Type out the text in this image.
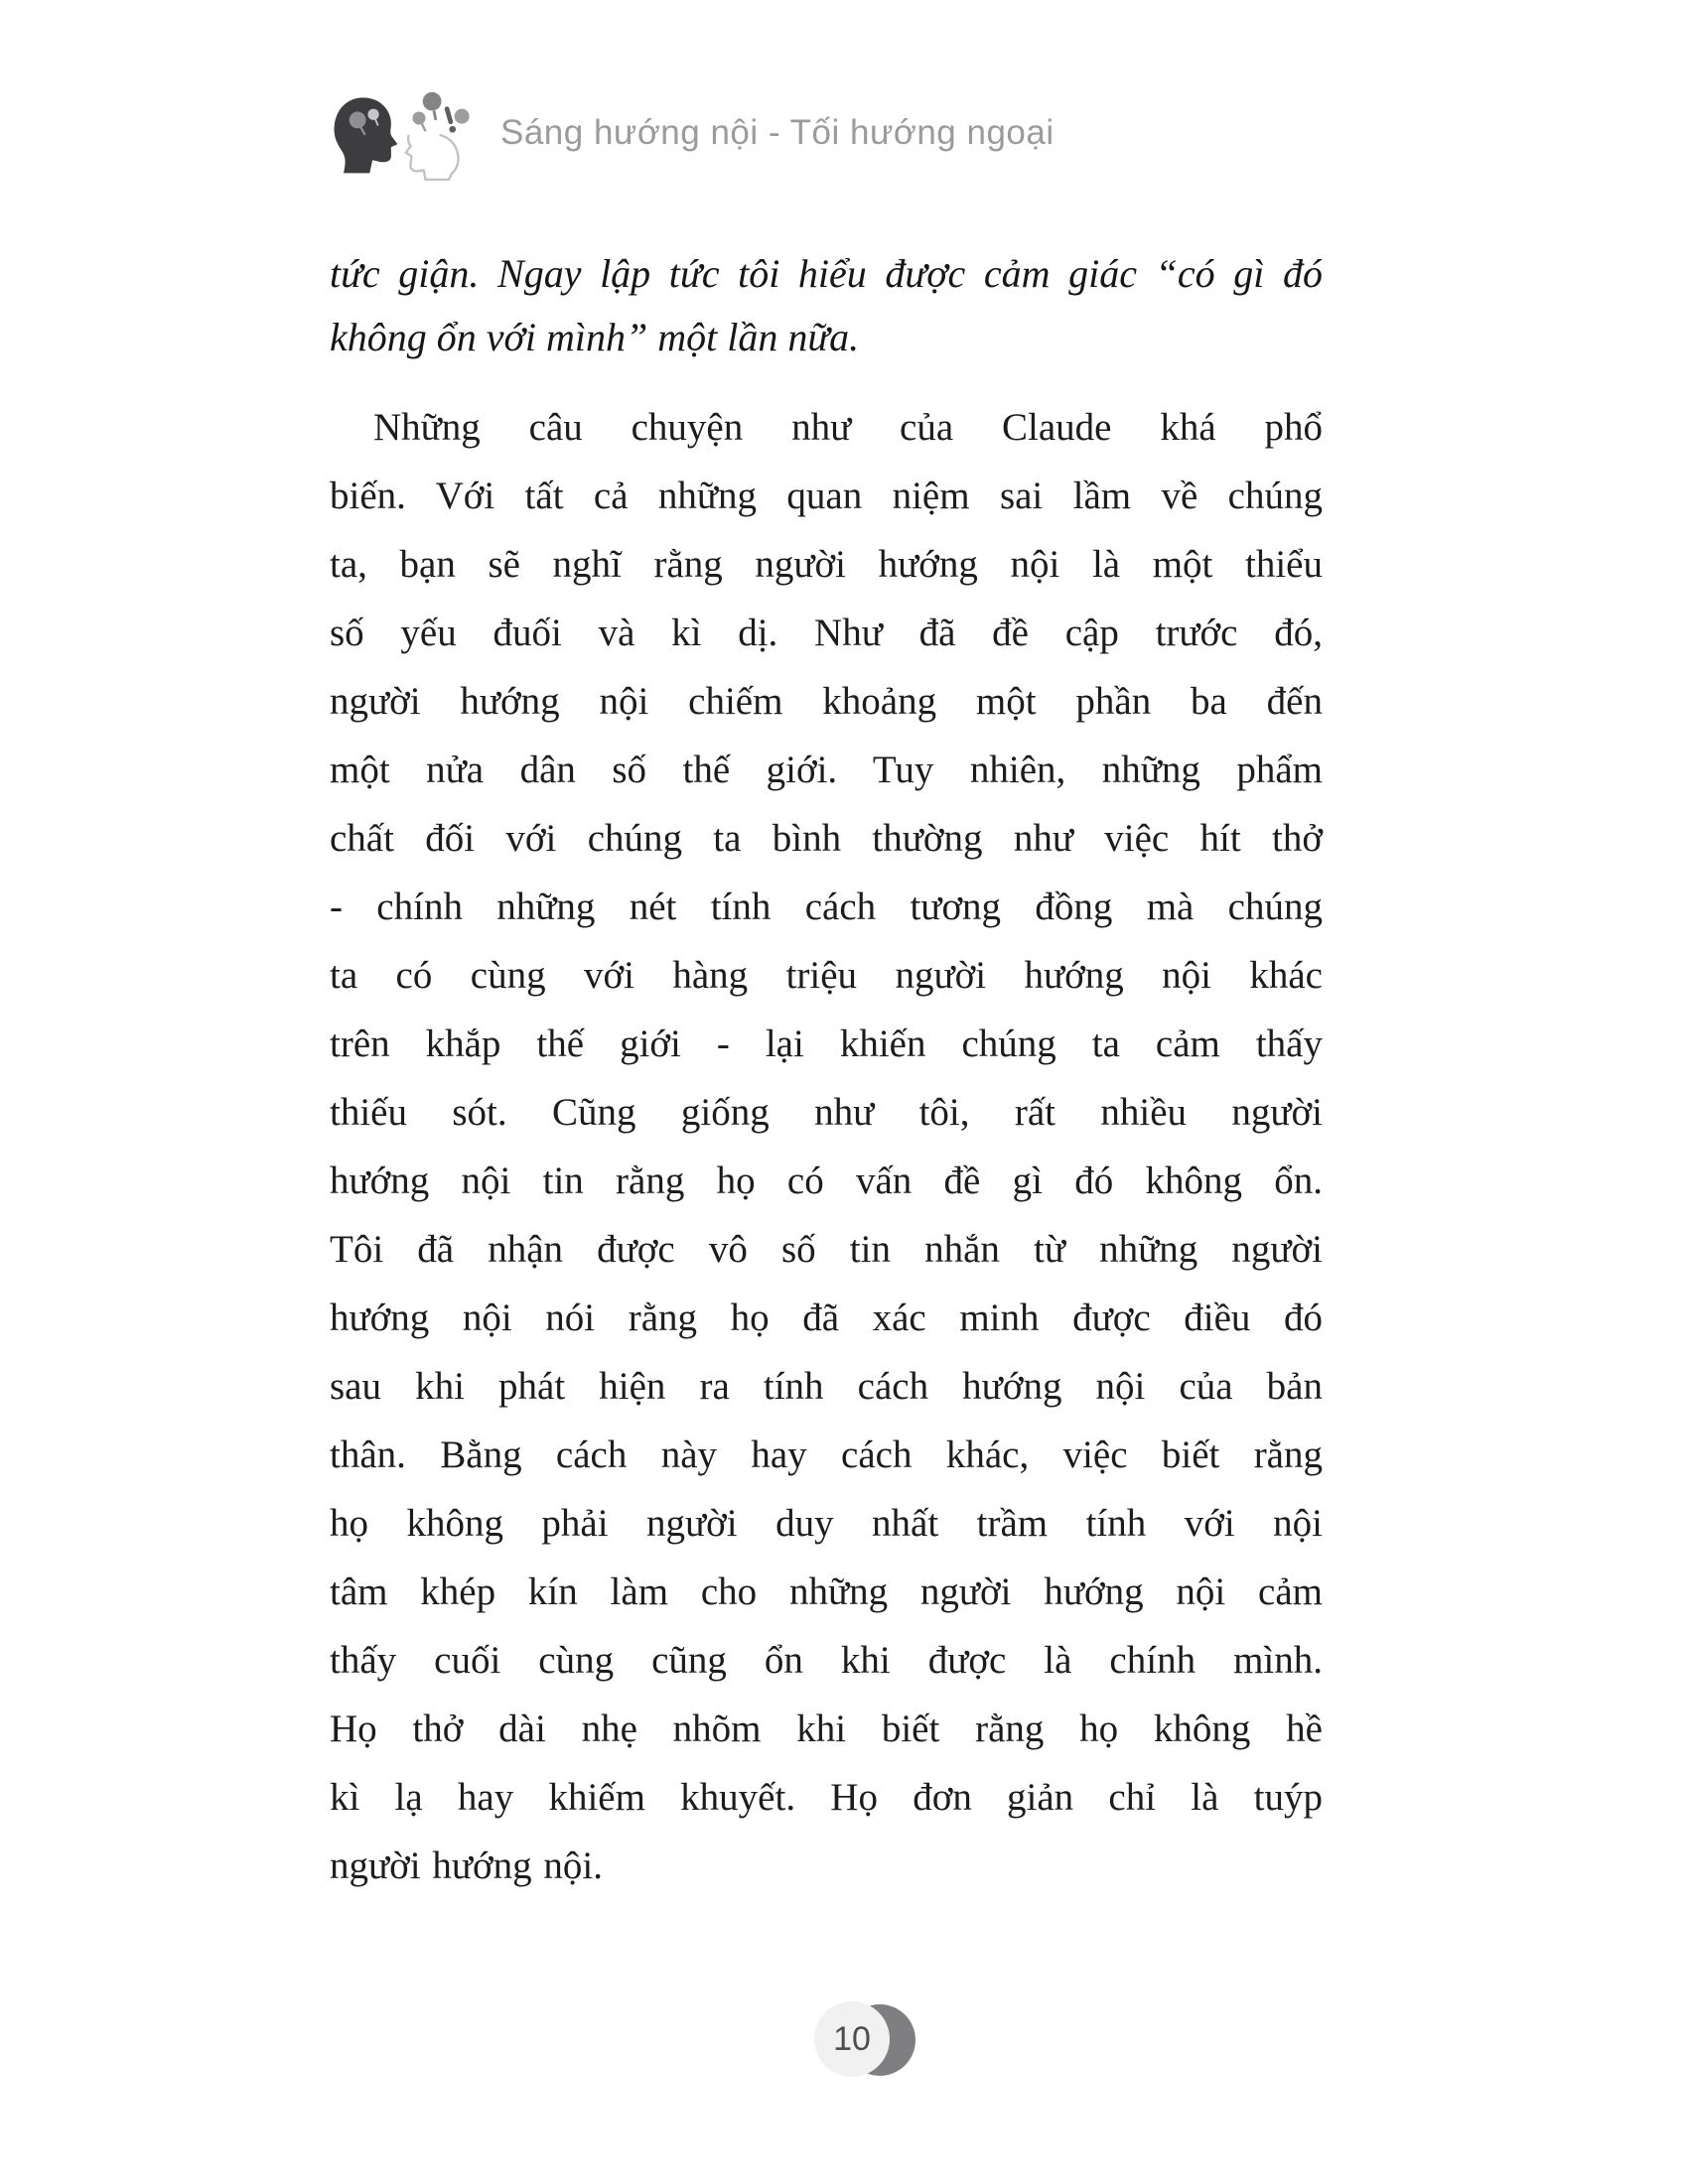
Sáng hướng nội - Tối hướng ngoại
tức giận. Ngay lập tức tôi hiểu được cảm giác “có gì đó
không ổn với mình” một lần nữa.
Những câu chuyện như của Claude khá phổ
biến. Với tất cả những quan niệm sai lầm về chúng
ta, bạn sẽ nghĩ rằng người hướng nội là một thiểu
số yếu đuối và kì dị. Như đã đề cập trước đó,
người hướng nội chiếm khoảng một phần ba đến
một nửa dân số thế giới. Tuy nhiên, những phẩm
chất đối với chúng ta bình thường như việc hít thở
- chính những nét tính cách tương đồng mà chúng
ta có cùng với hàng triệu người hướng nội khác
trên khắp thế giới - lại khiến chúng ta cảm thấy
thiếu sót. Cũng giống như tôi, rất nhiều người
hướng nội tin rằng họ có vấn đề gì đó không ổn.
Tôi đã nhận được vô số tin nhắn từ những người
hướng nội nói rằng họ đã xác minh được điều đó
sau khi phát hiện ra tính cách hướng nội của bản
thân. Bằng cách này hay cách khác, việc biết rằng
họ không phải người duy nhất trầm tính với nội
tâm khép kín làm cho những người hướng nội cảm
thấy cuối cùng cũng ổn khi được là chính mình.
Họ thở dài nhẹ nhõm khi biết rằng họ không hề
kì lạ hay khiếm khuyết. Họ đơn giản chỉ là tuýp
người hướng nội.
10
